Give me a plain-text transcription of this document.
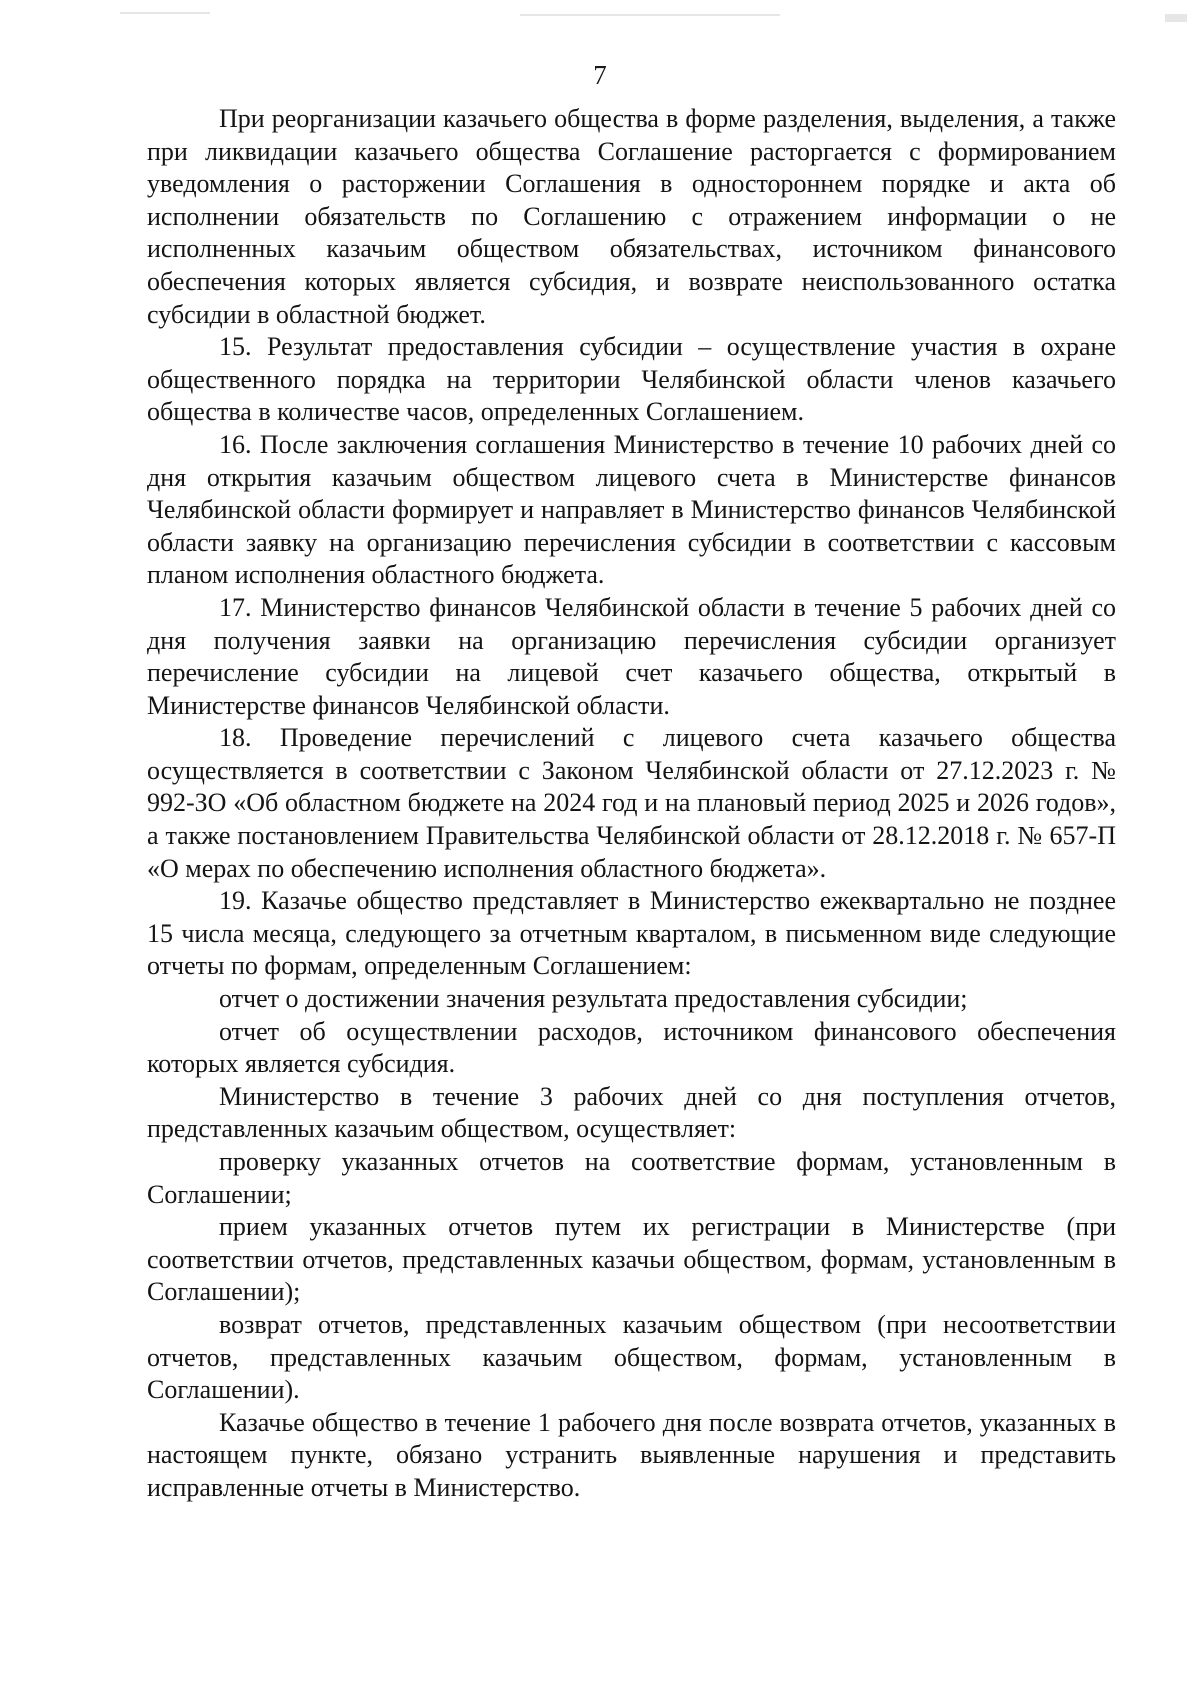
7

При реорганизации казачьего общества в форме разделения, выделения, а также при ликвидации казачьего общества Соглашение расторгается с формированием уведомления о расторжении Соглашения в одностороннем порядке и акта об исполнении обязательств по Соглашению с отражением информации о не исполненных казачьим обществом обязательствах, источником финансового обеспечения которых является субсидия, и возврате неиспользованного остатка субсидии в областной бюджет.

15. Результат предоставления субсидии – осуществление участия в охране общественного порядка на территории Челябинской области членов казачьего общества в количестве часов, определенных Соглашением.

16. После заключения соглашения Министерство в течение 10 рабочих дней со дня открытия казачьим обществом лицевого счета в Министерстве финансов Челябинской области формирует и направляет в Министерство финансов Челябинской области заявку на организацию перечисления субсидии в соответствии с кассовым планом исполнения областного бюджета.

17. Министерство финансов Челябинской области в течение 5 рабочих дней со дня получения заявки на организацию перечисления субсидии организует перечисление субсидии на лицевой счет казачьего общества, открытый в Министерстве финансов Челябинской области.

18. Проведение перечислений с лицевого счета казачьего общества осуществляется в соответствии с Законом Челябинской области от 27.12.2023 г. № 992-ЗО «Об областном бюджете на 2024 год и на плановый период 2025 и 2026 годов», а также постановлением Правительства Челябинской области от 28.12.2018 г. № 657-П «О мерах по обеспечению исполнения областного бюджета».

19. Казачье общество представляет в Министерство ежеквартально не позднее 15 числа месяца, следующего за отчетным кварталом, в письменном виде следующие отчеты по формам, определенным Соглашением:

отчет о достижении значения результата предоставления субсидии;

отчет об осуществлении расходов, источником финансового обеспечения которых является субсидия.

Министерство в течение 3 рабочих дней со дня поступления отчетов, представленных казачьим обществом, осуществляет:

проверку указанных отчетов на соответствие формам, установленным в Соглашении;

прием указанных отчетов путем их регистрации в Министерстве (при соответствии отчетов, представленных казачьи обществом, формам, установленным в Соглашении);

возврат отчетов, представленных казачьим обществом (при несоответствии отчетов, представленных казачьим обществом, формам, установленным в Соглашении).

Казачье общество в течение 1 рабочего дня после возврата отчетов, указанных в настоящем пункте, обязано устранить выявленные нарушения и представить исправленные отчеты в Министерство.
